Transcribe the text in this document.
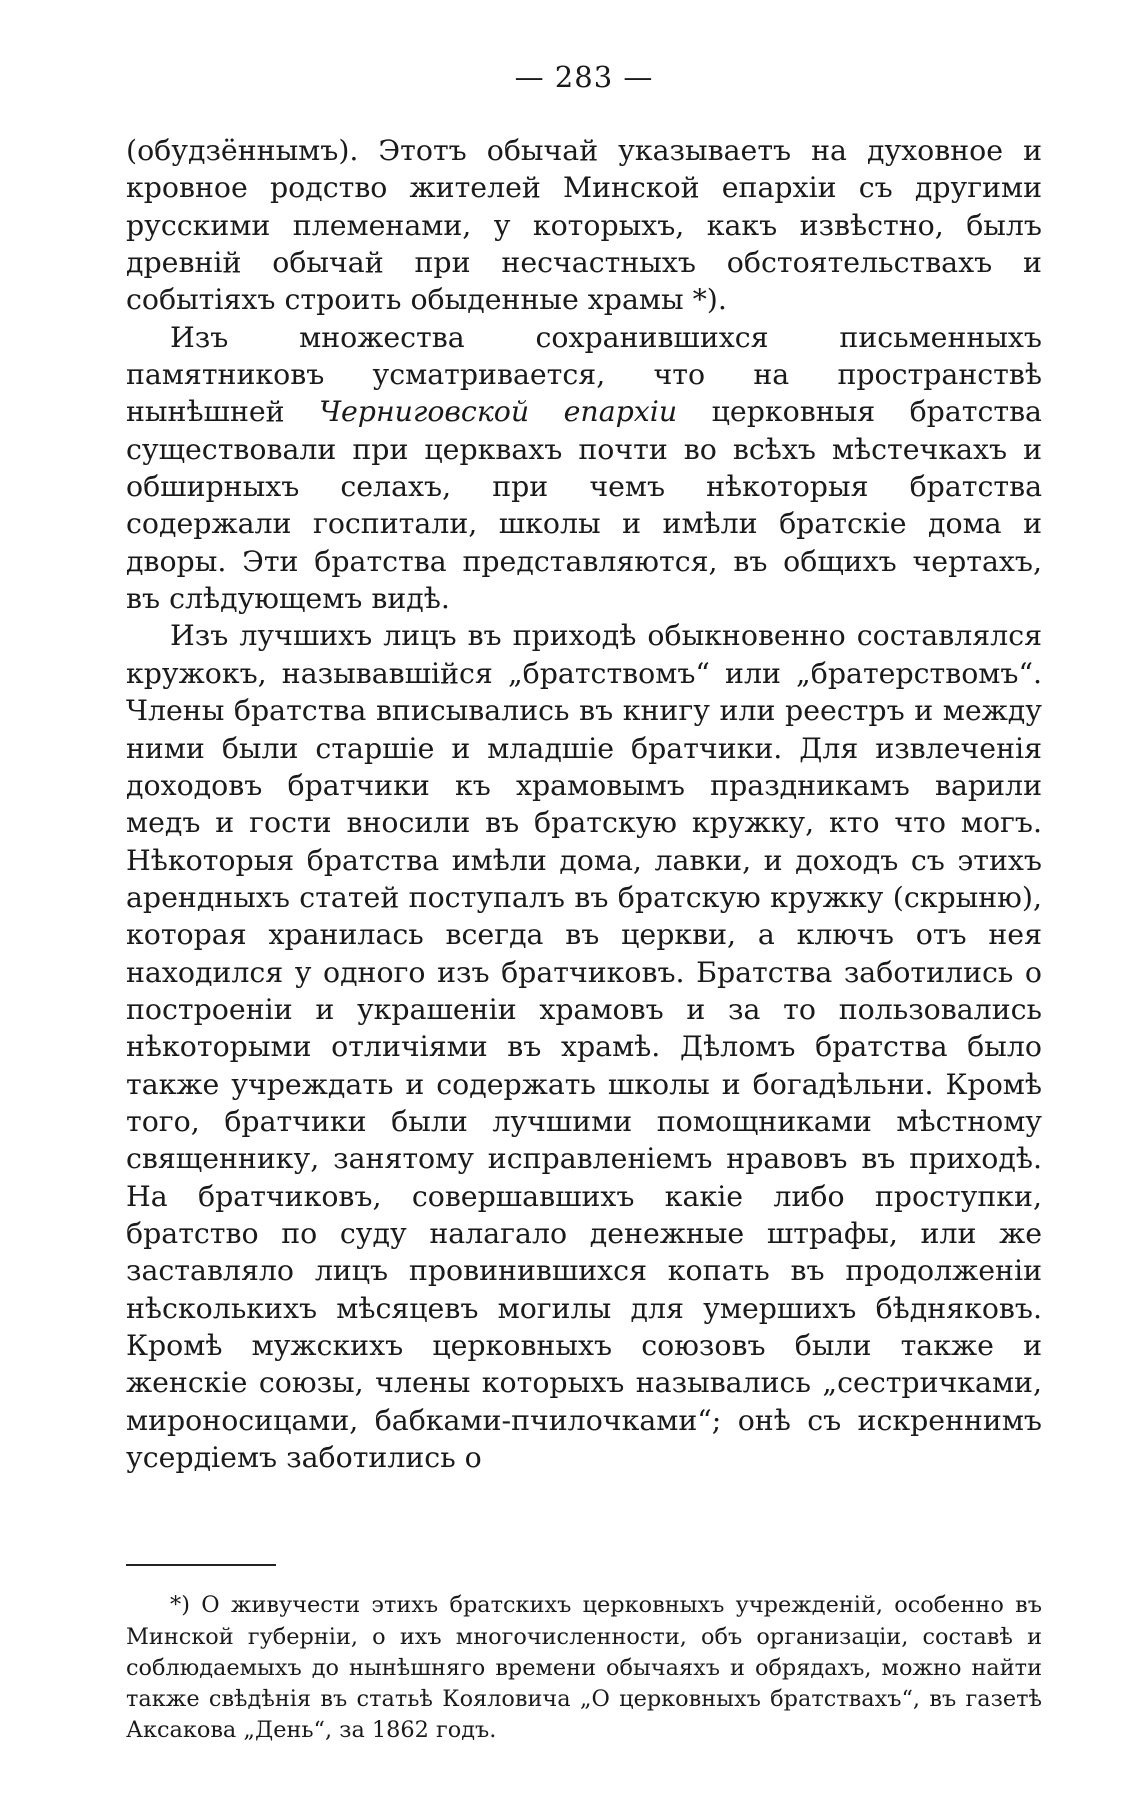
— 283 —

(обудзённымъ). Этотъ обычай указываетъ на духовное и кровное родство жителей Минской епархіи съ другими русскими племенами, у которыхъ, какъ извѣстно, былъ древній обычай при несчастныхъ обстоятельствахъ и событіяхъ строить обыденные храмы *).

Изъ множества сохранившихся письменныхъ памятниковъ усматривается, что на пространствѣ нынѣшней Черниговской епархіи церковныя братства существовали при церквахъ почти во всѣхъ мѣстечкахъ и обширныхъ селахъ, при чемъ нѣкоторыя братства содержали госпитали, школы и имѣли братскіе дома и дворы. Эти братства представляются, въ общихъ чертахъ, въ слѣдующемъ видѣ.

Изъ лучшихъ лицъ въ приходѣ обыкновенно составлялся кружокъ, называвшійся „братствомъ“ или „братерствомъ“. Члены братства вписывались въ книгу или реестръ и между ними были старшіе и младшіе братчики. Для извлеченія доходовъ братчики къ храмовымъ праздникамъ варили медъ и гости вносили въ братскую кружку, кто что могъ. Нѣкоторыя братства имѣли дома, лавки, и доходъ съ этихъ арендныхъ статей поступалъ въ братскую кружку (скрыню), которая хранилась всегда въ церкви, а ключъ отъ нея находился у одного изъ братчиковъ. Братства заботились о построеніи и украшеніи храмовъ и за то пользовались нѣкоторыми отличіями въ храмѣ. Дѣломъ братства было также учреждать и содержать школы и богадѣльни. Кромѣ того, братчики были лучшими помощниками мѣстному священнику, занятому исправленіемъ нравовъ въ приходѣ. На братчиковъ, совершавшихъ какіе либо проступки, братство по суду налагало денежные штрафы, или же заставляло лицъ провинившихся копать въ продолженіи нѣсколькихъ мѣсяцевъ могилы для умершихъ бѣдняковъ. Кромѣ мужскихъ церковныхъ союзовъ были также и женскіе союзы, члены которыхъ назывались „сестричками, мироносицами, бабками-пчилочками“; онѣ съ искреннимъ усердіемъ заботились о

*) О живучести этихъ братскихъ церковныхъ учрежденій, особенно въ Минской губерніи, о ихъ многочисленности, объ организаціи, составѣ и соблюдаемыхъ до нынѣшняго времени обычаяхъ и обрядахъ, можно найти также свѣдѣнія въ статьѣ Кояловича „О церковныхъ братствахъ“, въ газетѣ Аксакова „День“, за 1862 годъ.
